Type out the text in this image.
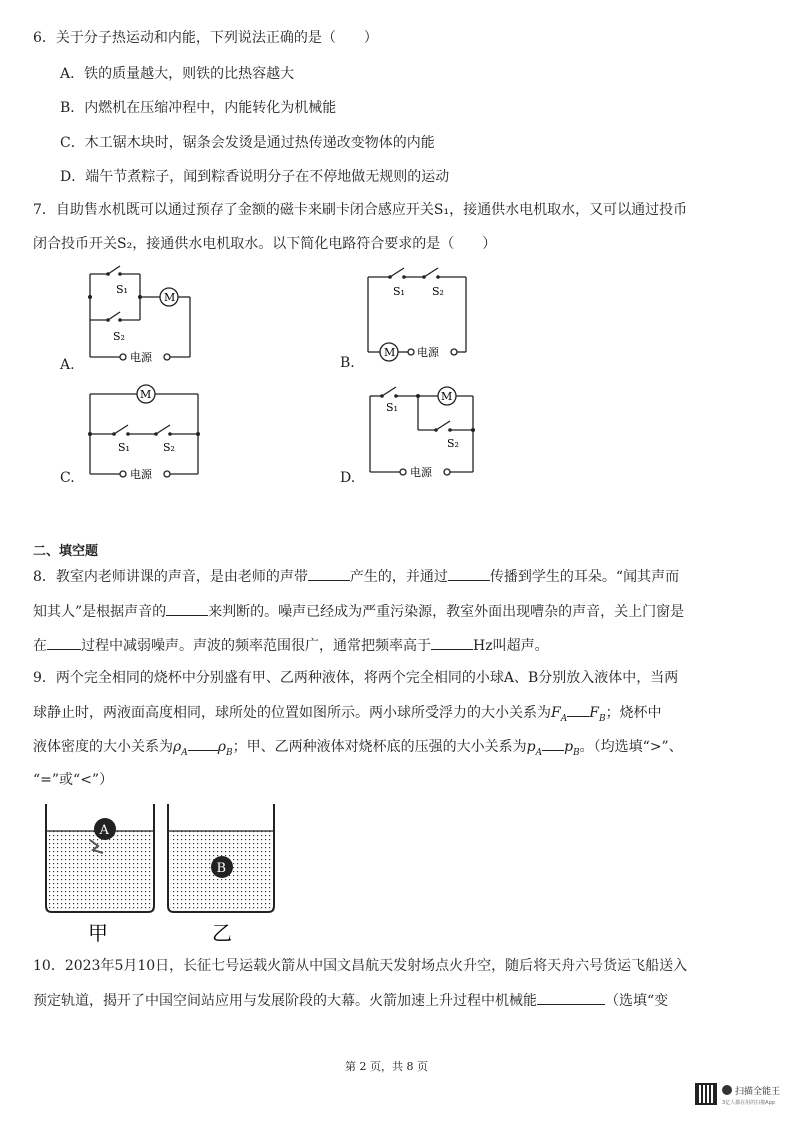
6．关于分子热运动和内能，下列说法正确的是（　　）
A．铁的质量越大，则铁的比热容越大
B．内燃机在压缩冲程中，内能转化为机械能
C．木工锯木块时，锯条会发烫是通过热传递改变物体的内能
D．端午节煮粽子，闻到粽香说明分子在不停地做无规则的运动
7．自助售水机既可以通过预存了金额的磁卡来刷卡闭合感应开关S₁，接通供水电机取水，又可以通过投币
闭合投币开关S₂，接通供水电机取水。以下简化电路符合要求的是（　　）
A.
S₁
S₂
M
电源	B.
S₁ S₂
M 电源
C.
M
S₁	S₂
电源	D.
S₁
S₂
M
电源
二、填空题
8．教室内老师讲课的声音，是由老师的声带	产生的，并通过	传播到学生的耳朵。“闻其声而
知其人”是根据声音的	来判断的。噪声已经成为严重污染源，教室外面出现嘈杂的声音，关上门窗是
在 过程中减弱噪声。声波的频率范围很广，通常把频率高于	Hz叫超声。
9．两个完全相同的烧杯中分别盛有甲、乙两种液体，将两个完全相同的小球A、B分别放入液体中，当两
球静止时，两液面高度相同，球所处的位置如图所示。两小球所受浮力的大小关系为$F_A$ $F_B$；烧杯中
液体密度的大小关系为$\rho_A$ $\rho_B$；甲、乙两种液体对烧杯底的压强的大小关系为$p_A$ $p_B$。（均选填“>”、
“=”或“<”）
A
B
甲	乙
10．2023年5月10日，长征七号运载火箭从中国文昌航天发射场点火升空，随后将天舟六号货运飞船送入
预定轨道，揭开了中国空间站应用与发展阶段的大幕。火箭加速上升过程中机械能	（选填“变
第 2 页，共 8 页
扫描全能王
3亿人都在用的扫描App
